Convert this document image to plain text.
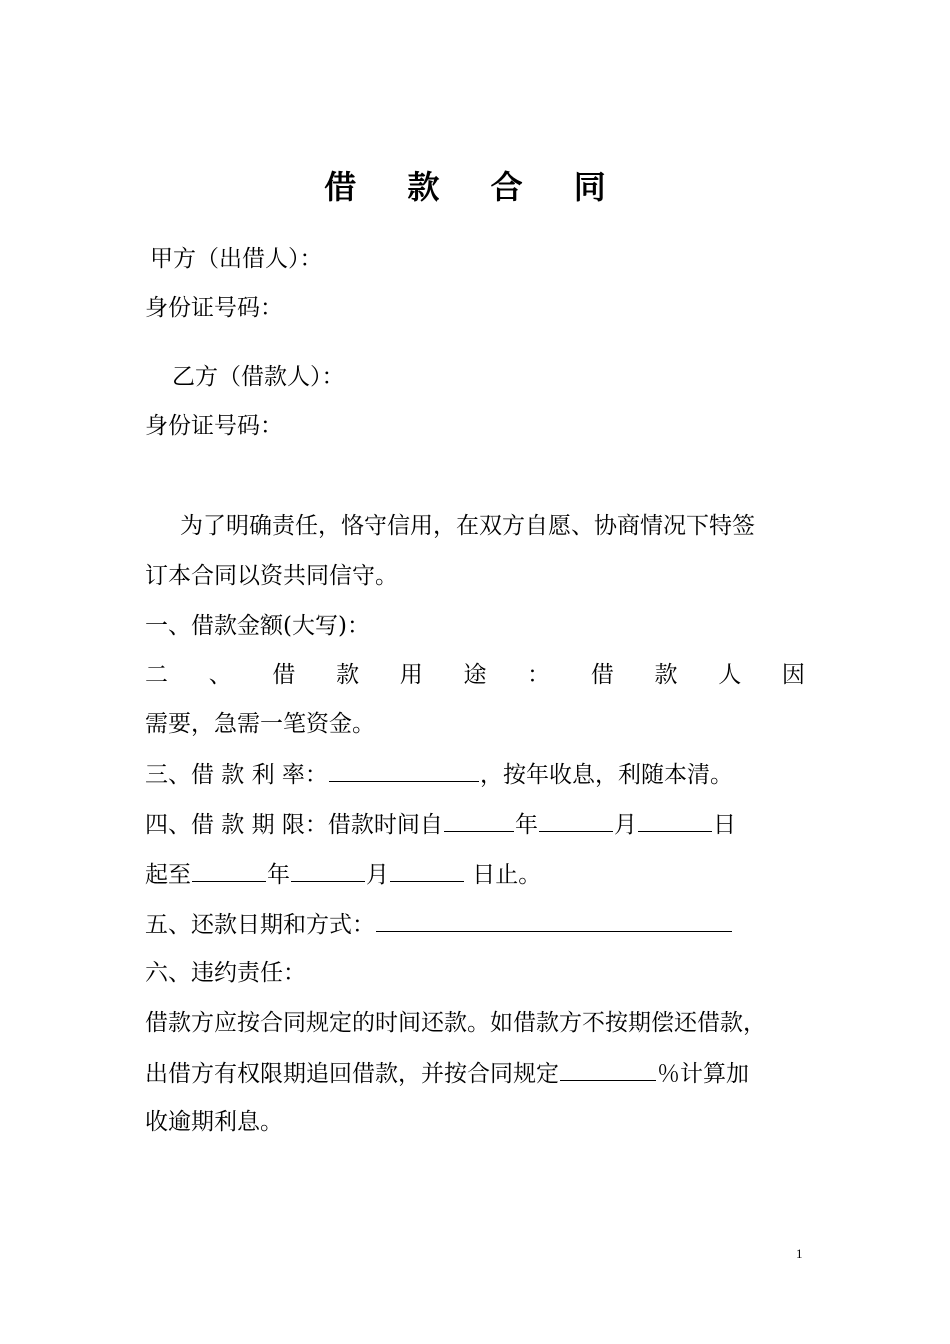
借 款 合 同
甲方（出借人）：
身份证号码：
乙方（借款人）：
身份证号码：
为了明确责任，恪守信用，在双方自愿、协商情况下特签
订本合同以资共同信守。
一、借款金额(大写)：
二 、 借 款 用 途 ： 借 款 人 因
需要，急需一笔资金。
三、借 款 利 率：	，按年收息，利随本清。
四、借 款 期 限：借款时间自	年	月	日
起至	年	月	日止。
五、还款日期和方式：
六、违约责任：
借款方应按合同规定的时间还款。如借款方不按期偿还借款，
出借方有权限期追回借款，并按合同规定	％计算加
收逾期利息。
1
